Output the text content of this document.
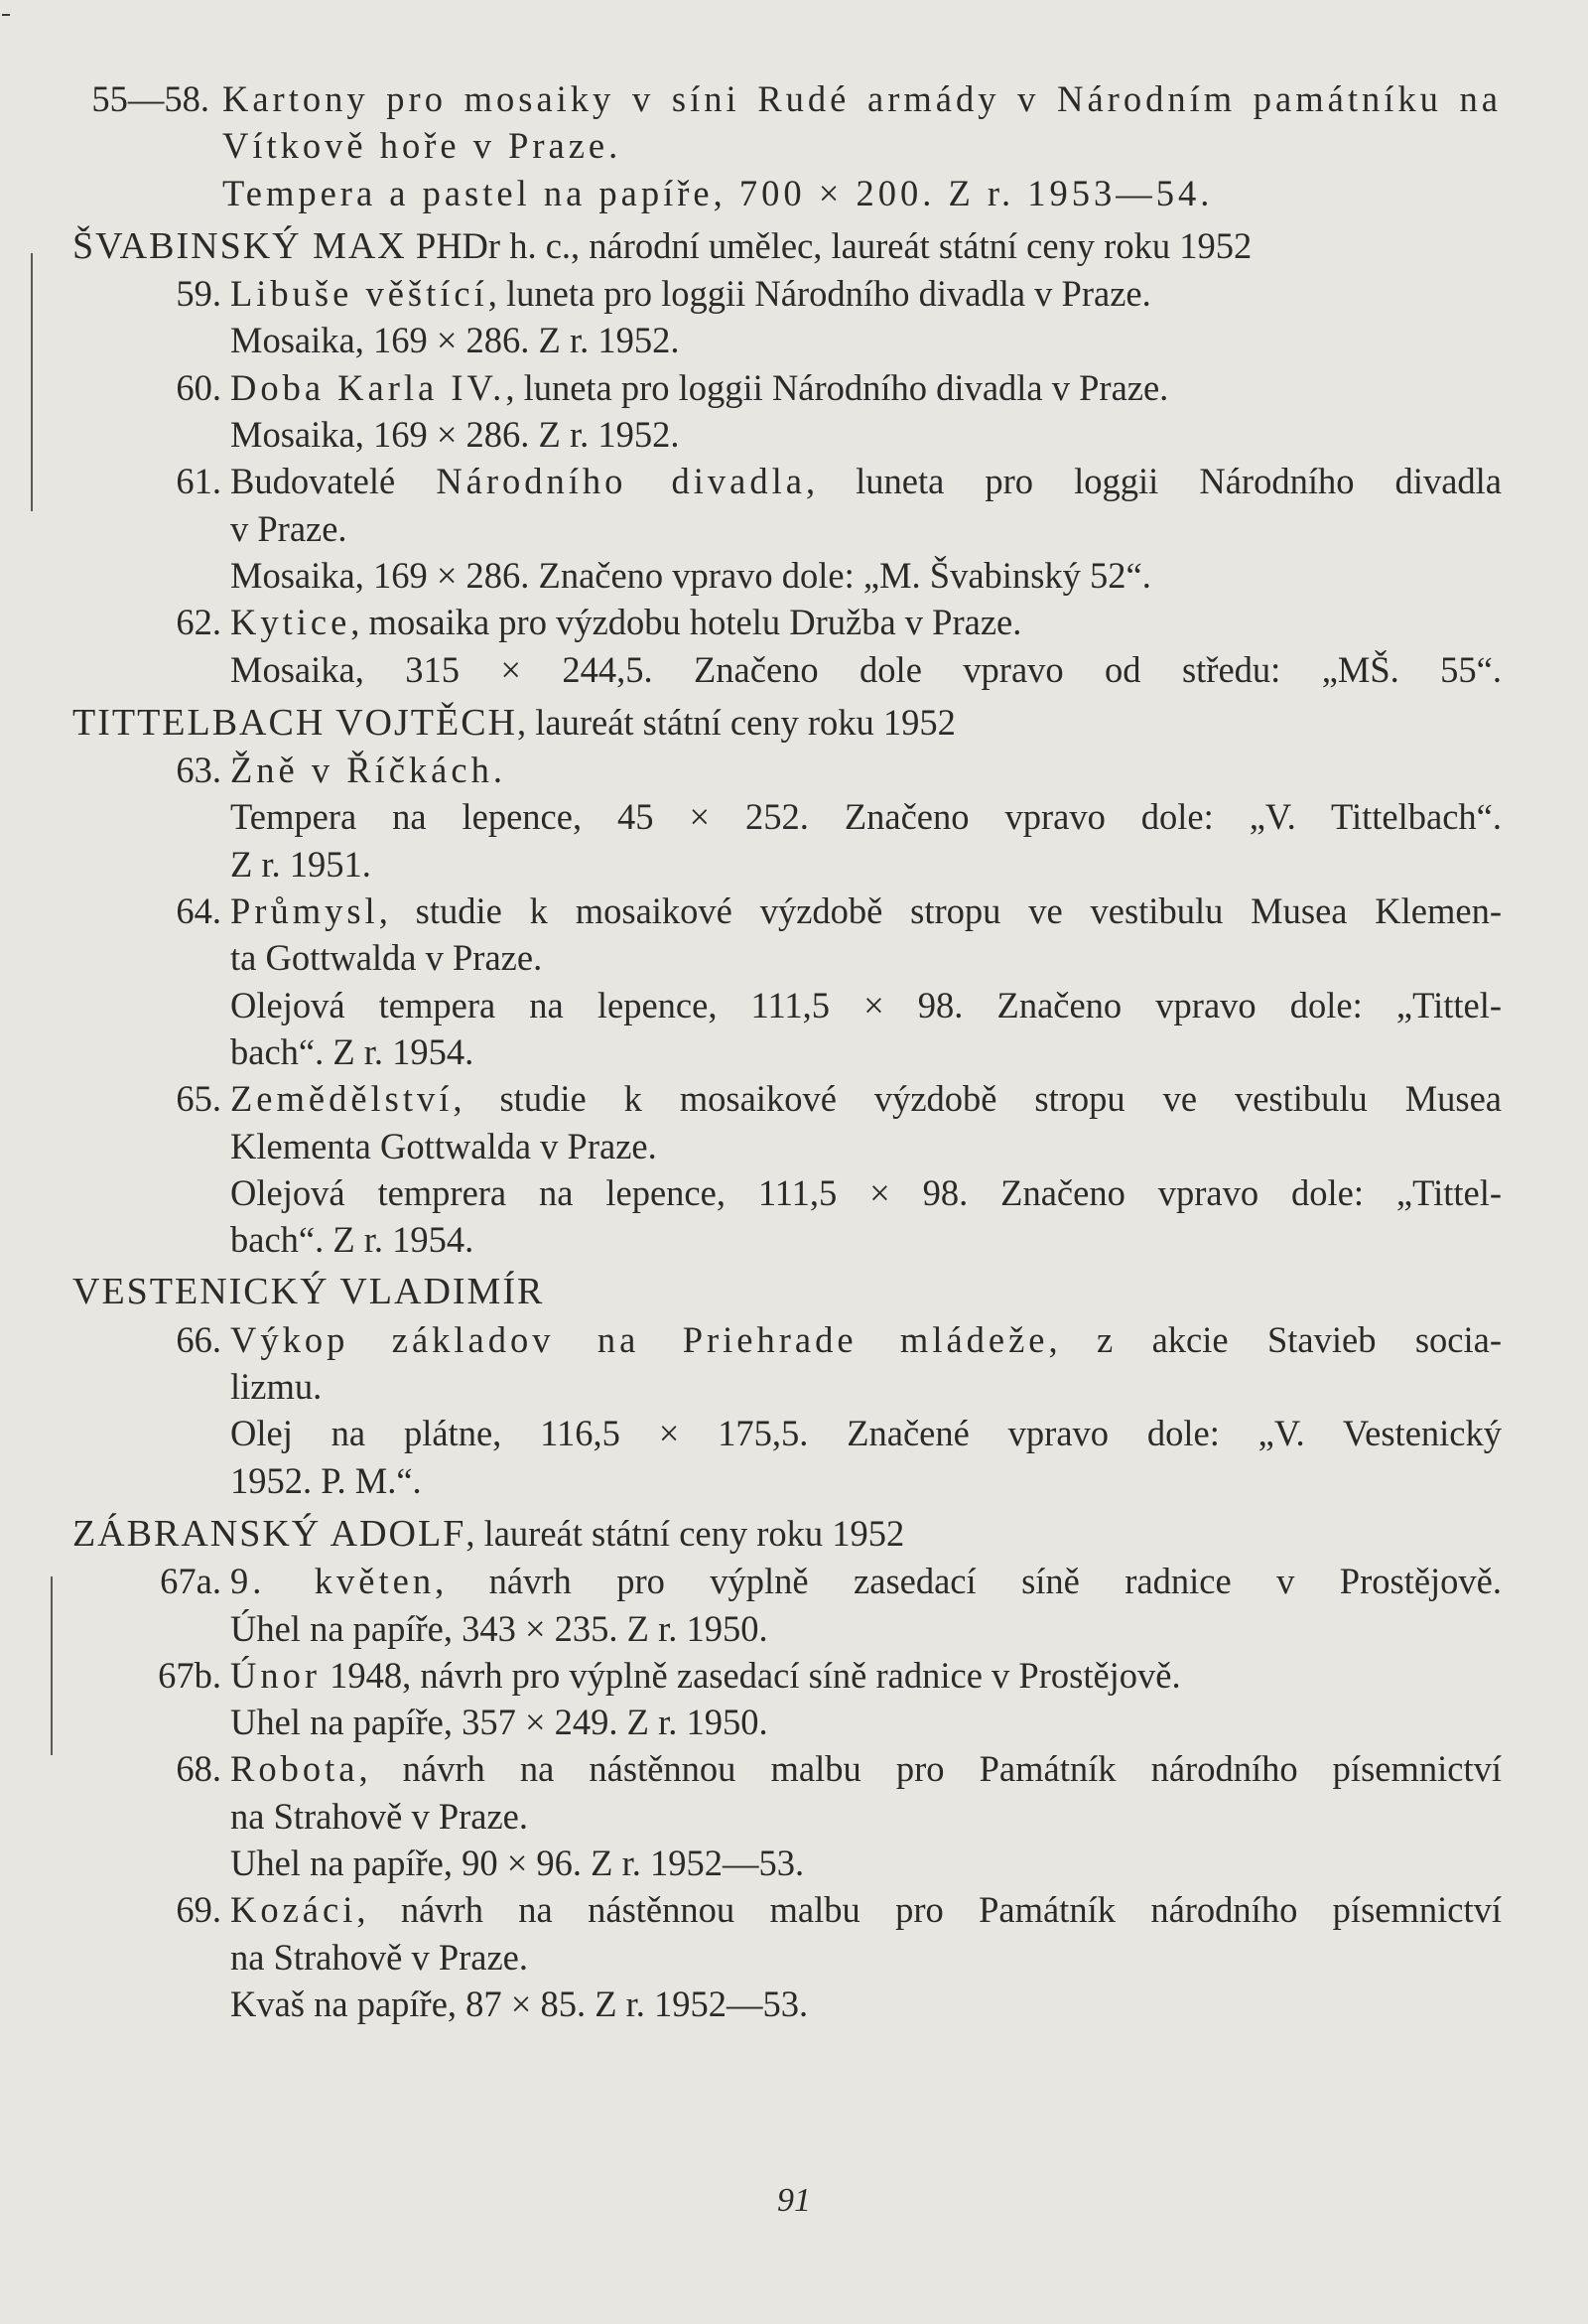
55—58. Kartony pro mosaiky v síni Rudé armády v Národním památníku na
Vítkově hoře v Praze.
Tempera a pastel na papíře, 700 × 200. Z r. 1953—54.
ŠVABINSKÝ MAX PHDr h. c., národní umělec, laureát státní ceny roku 1952
59. Libuše věštící, luneta pro loggii Národního divadla v Praze.
Mosaika, 169 × 286. Z r. 1952.
60. Doba Karla IV., luneta pro loggii Národního divadla v Praze.
Mosaika, 169 × 286. Z r. 1952.
61. Budovatelé Národního divadla, luneta pro loggii Národního divadla
v Praze.
Mosaika, 169 × 286. Značeno vpravo dole: „M. Švabinský 52“.
62. Kytice, mosaika pro výzdobu hotelu Družba v Praze.
Mosaika, 315 × 244,5. Značeno dole vpravo od středu: „MŠ. 55“.
TITTELBACH VOJTĚCH, laureát státní ceny roku 1952
63. Žně v Říčkách.
Tempera na lepence, 45 × 252. Značeno vpravo dole: „V. Tittelbach“.
Z r. 1951.
64. Průmysl, studie k mosaikové výzdobě stropu ve vestibulu Musea Klemen-
ta Gottwalda v Praze.
Olejová tempera na lepence, 111,5 × 98. Značeno vpravo dole: „Tittel-
bach“. Z r. 1954.
65. Zemědělství, studie k mosaikové výzdobě stropu ve vestibulu Musea
Klementa Gottwalda v Praze.
Olejová temprera na lepence, 111,5 × 98. Značeno vpravo dole: „Tittel-
bach“. Z r. 1954.
VESTENICKÝ VLADIMÍR
66. Výkop základov na Priehrade mládeže, z akcie Stavieb socia-
lizmu.
Olej na plátne, 116,5 × 175,5. Značené vpravo dole: „V. Vestenický
1952. P. M.“.
ZÁBRANSKÝ ADOLF, laureát státní ceny roku 1952
67a. 9. květen, návrh pro výplně zasedací síně radnice v Prostějově.
Úhel na papíře, 343 × 235. Z r. 1950.
67b. Únor 1948, návrh pro výplně zasedací síně radnice v Prostějově.
Uhel na papíře, 357 × 249. Z r. 1950.
68. Robota, návrh na nástěnnou malbu pro Památník národního písemnictví
na Strahově v Praze.
Uhel na papíře, 90 × 96. Z r. 1952—53.
69. Kozáci, návrh na nástěnnou malbu pro Památník národního písemnictví
na Strahově v Praze.
Kvaš na papíře, 87 × 85. Z r. 1952—53.
91
